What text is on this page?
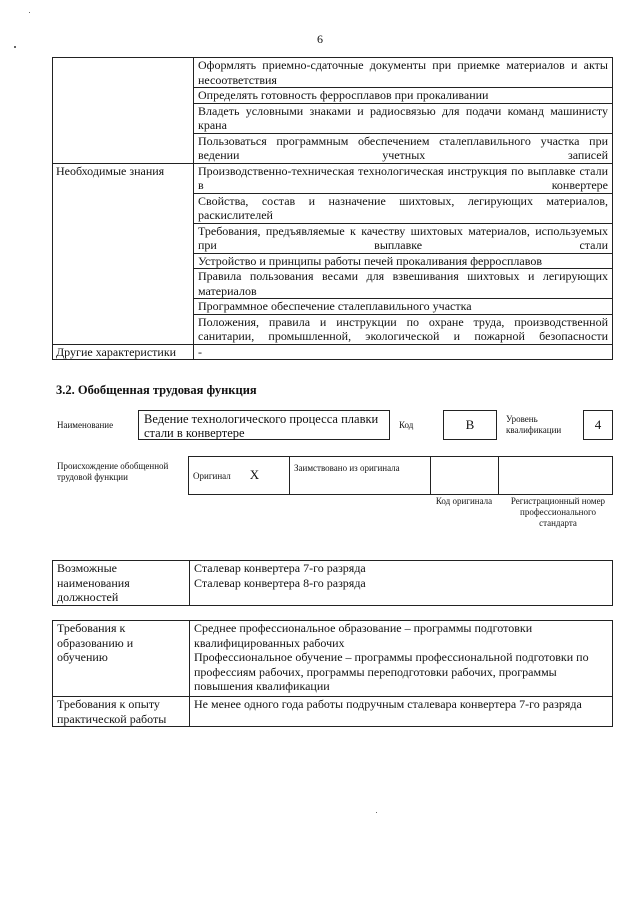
6
	Оформлять приемно-сдаточные документы при приемке материалов и акты несоответствия
	Определять готовность ферросплавов при прокаливании
	Владеть условными знаками и радиосвязью для подачи команд машинисту крана
	Пользоваться программным обеспечением сталеплавильного участка при ведении учетных записей
Необходимые знания	Производственно-техническая технологическая инструкция по выплавке стали в конвертере
	Свойства, состав и назначение шихтовых, легирующих материалов, раскислителей
	Требования, предъявляемые к качеству шихтовых материалов, используемых при выплавке стали
	Устройство и принципы работы печей прокаливания ферросплавов
	Правила пользования весами для взвешивания шихтовых и легирующих материалов
	Программное обеспечение сталеплавильного участка
	Положения, правила и инструкции по охране труда, производственной санитарии, промышленной, экологической и пожарной безопасности
Другие характеристики	-
3.2. Обобщенная трудовая функция
Наименование	Ведение технологического процесса плавки стали в конвертере
Код	В	Уровень квалификации	4
Происхождение обобщенной трудовой функции	Оригинал X	Заимствовано из оригинала		
Код оригинала	Регистрационный номер профессионального стандарта
Возможные наименования должностей	Сталевар конвертера 7-го разряда
Сталевар конвертера 8-го разряда
Требования к образованию и обучению	Среднее профессиональное образование – программы подготовки квалифицированных рабочих
Профессиональное обучение – программы профессиональной подготовки по профессиям рабочих, программы переподготовки рабочих, программы повышения квалификации

Требования к опыту практической работы	Не менее одного года работы подручным сталевара конвертера 7-го разряда
